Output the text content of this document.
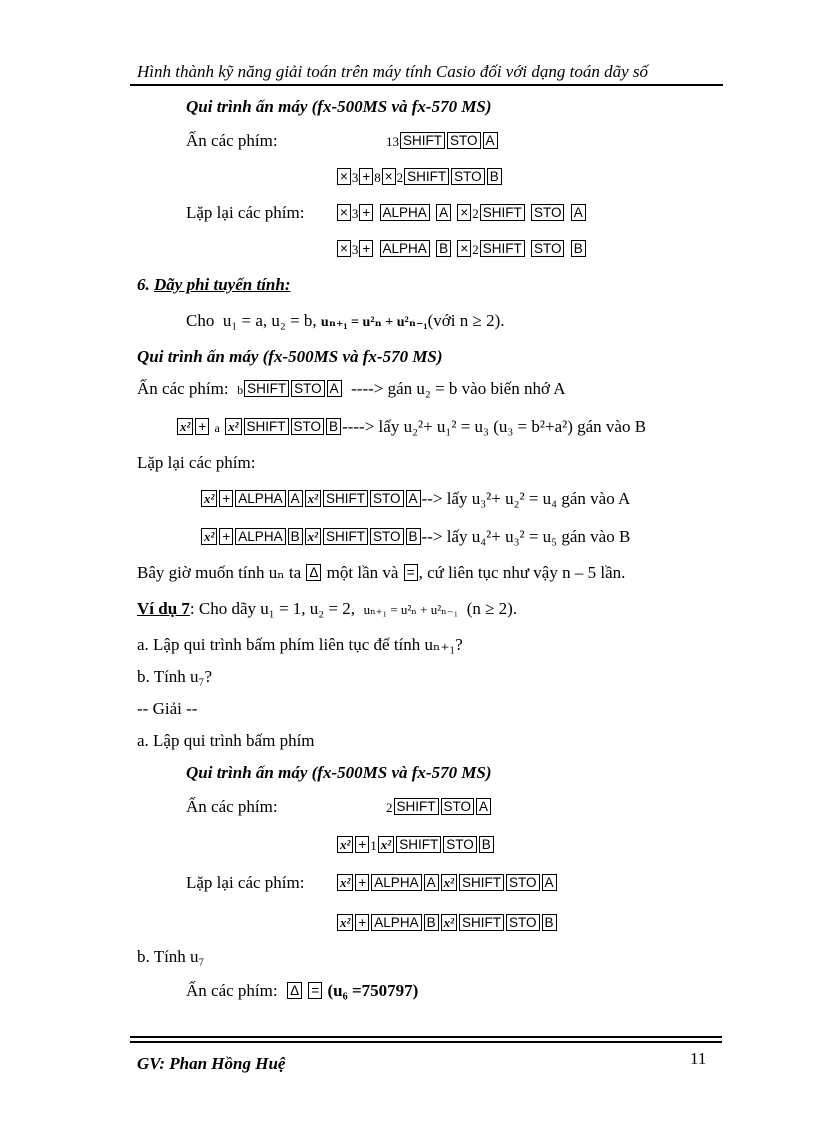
Hình thành kỹ năng giải toán trên máy tính Casio đối với dạng toán dãy số
Qui trình ấn máy (fx-500MS và fx-570 MS)
Ấn các phím:	13 SHIFT STO A
× 3 + 8 × 2 SHIFT STO B
Lặp lại các phím:	× 3 + ALPHA A × 2 SHIFT STO A
× 3 + ALPHA B × 2 SHIFT STO B
6. Dãy phi tuyến tính:
Cho u₁ = a, u₂ = b, uₙ₊₁ = u²ₙ + u²ₙ₋₁(với n ≥ 2).
Qui trình ấn máy (fx-500MS và fx-570 MS)
Ấn các phím: b SHIFT STO A ----> gán u₂ = b vào biến nhớ A
x² + a x² SHIFT STO B ----> lấy u₂²+ u₁² = u₃ (u₃ = b²+a²) gán vào B
Lặp lại các phím:
x² + ALPHA A x² SHIFT STO A --> lấy u₃²+ u₂² = u₄ gán vào A
x² + ALPHA B x² SHIFT STO B --> lấy u₄²+ u₃² = u₅ gán vào B
Bây giờ muốn tính uₙ ta Δ một lần và = , cứ liên tục như vậy n – 5 lần.
Ví dụ 7: Cho dãy u₁ = 1, u₂ = 2, uₙ₊₁ = u²ₙ + u²ₙ₋₁ (n ≥ 2).
a. Lập qui trình bấm phím liên tục để tính uₙ₊₁?
b. Tính u₇?
-- Giải --
a. Lập qui trình bấm phím
Qui trình ấn máy (fx-500MS và fx-570 MS)
Ấn các phím:	2 SHIFT STO A
x² + 1 x² SHIFT STO B
Lặp lại các phím:	x² + ALPHA A x² SHIFT STO A
x² + ALPHA B x² SHIFT STO B
b. Tính u₇
Ấn các phím: Δ = (u₆ =750797)
GV: Phan Hồng Huệ	11
